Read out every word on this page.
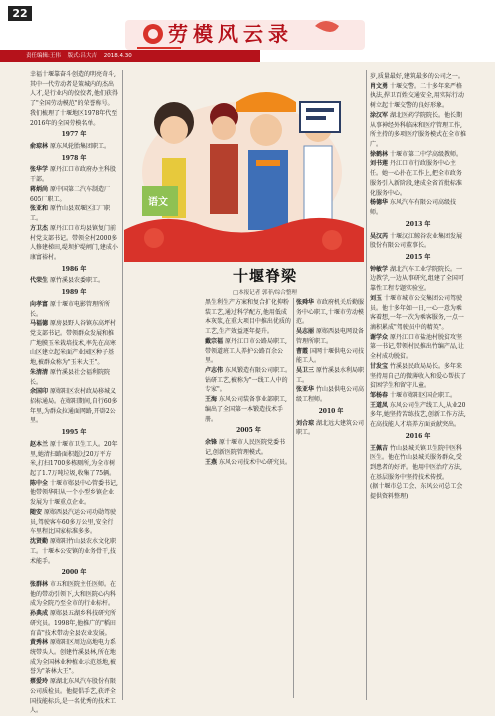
22
责任编辑:王伟 版式:吕大吉 2018.4.30
劳模风云录
语文
十堰脊梁
□本报记者 郭菲/综合整理

幸福十堰靠奋斗创造的明亮奇斗,其中一代劳动者是策城内的杰出人才,是行业内的佼佼者,他们获得了"全国劳动模范"的荣誉称号。我们梳理了十堰地区1978年代至2016年的全国劳模名单。

1977 年

俞琼林 原东风轮胎集团职工。

1978 年

张华学 原丹江口市政府办主科股干部。

蒋炳尚 原中国第二汽车制造厂605厂职工。

张亚和 原竹山县双堰区汇厂职工。

方卫杰 原丹江口市均县镇复门前村党支部书记。带领全村2000多人修建梯田,堤坝护堤闸门,建成小康富裕村。

1986 年

代荣生 原竹溪县农委职工。

1989 年

向孝富 原十堰市电影管理所所长。

马福德 原房县野人谷镇东高坪村党支部书记。带领群众发展和推广地膜玉米栽培技术,率先在高寒山区建立起米面产业园区种子基地,被群众称为"玉米大王"。

朱清清 原竹溪县社会福利院院长。

余国印 原郧阳区农村政局移城义招标通局。在郧阳期间,自行60多年里,为群众拉通面网路,开辟2公里。

1995 年

赵本兰 原十堰市卫生工人。20年里,她清扫路面积超过20万平方米,打扫1700多栋厕所,为全市树起了1.7万吨垃圾,收集了75辆。

陈中全 十堰市郧县中心管委书记,他带领华阳从一个小型乡镇企业发展为十堰重点企业。

随安 原郧西县汽运公司功勋驾驶员,驾驶客车60多万公里,安全行车里程比国家标准多多。

沈贤勤 原郧阳竹山县农水文化职工。十堰本公安镇的业务骨干,技术能手。

2000 年

张群林 市五和医院主任医师。在他的带动引领下,大和医院心内科成为全院乃至全市的行业标杆。

孙典成 原郧县五湖乡科技研究所研究员。1998年,他推广的"稻田育苗"技术带动全县农业发展。

黄秀林 原郧阳区周边高地电力系统带头人。创建竹溪县林,所在地成为全国林业种植业示范基地,被誉为"茶林大王"。

蔡爱玲 原湖北东风汽车股份有限公司质检员。他提倡手艺,获评全国技能标兵,是一名优秀的技术工人。

岁,质量最好,建筑最多的公司之一。

肖文勇 十堰交警。二十多年来严格执法,捍卫百姓交通安全,用实际行动树立起十堰交警的良好形象。

涂汉军 湖北医药学院院长。他长期从事神经外科临床和医疗管理工作,所主持的多项医疗服务模式在全市推广。

徐鹤林 十堰市第二中学高级教师。

刘书莲 丹江口市行政服务中心主任。她一心扑在工作上,把全市政务服务引入新阶段,建成全省首批标准化服务中心。

杨德华 东风汽车有限公司高级技师。

2013 年

吴汉芮 十堰汉江鲸谷农业集团发展股份有限公司董事长。

2015 年

钟敏学 湖北汽车工业学院院长。一边教学,一边从事研究,组建了全国可靠性工程专题实验室。

刘玉 十堰市城市公交集团公司驾驶员。他十多年如一日,一心一意为乘客着想,一年一次为乘客服务,一点一滴积累成"驾驶员中的精英"。

谢学众 原丹江口市盐池村脱贫攻坚第一书记,带领村民推出竹编产品,让全村成功脱贫。

甘发宝 竹溪县民政局局长。多年来坚持用自己的微薄收入和爱心帮扶了贫困学生和留守儿童。

邹杨春 十堰市郧阳区国企职工。

王道凤 东风公司生产线工人,从业20多年,她坚持苦练技艺,创新工作方法,在高技能人才培养方面贡献突出。

2016 年

王佩吉 竹山县城关镇卫生院中医科医生。他在竹山县城关服务群众,受到患者的好评。他用中医治疗方法,在基层服务中坚持技术传授。

(据十堰市总工会、东风公司总工会提供资料整理)

黑生利生产方案和复合扩化抑粉装工艺,通过科学配方,他用低成本灰浆,在重大项目中推出优质的工艺,生产效益逐年提升。

戴宗福 原丹江口市公路局职工,带领道班工人养护公路百余公里。

卢志伟 东风锻造有限公司职工。钻研工艺,被称为"一线工人中的专家"。

王海 东风公司装备事业部职工,编出了全国第一本锻造技术手册。

2005 年

余锋 原十堰市人民医院党委书记,创新医院管理模式。

王燕 东风公司技术中心研究员。

张舜华 市政府机关后勤服务中心职工,十堰市劳动模范。

吴志丽 原郧西县电网设备管理所职工。

曹霞 国网十堰供电公司技能工人。

吴卫三 原竹溪县水利局职工。

张亚华 竹山县供电公司高级工程师。

2010 年

刘合琼 湖北远大建筑公司职工。
